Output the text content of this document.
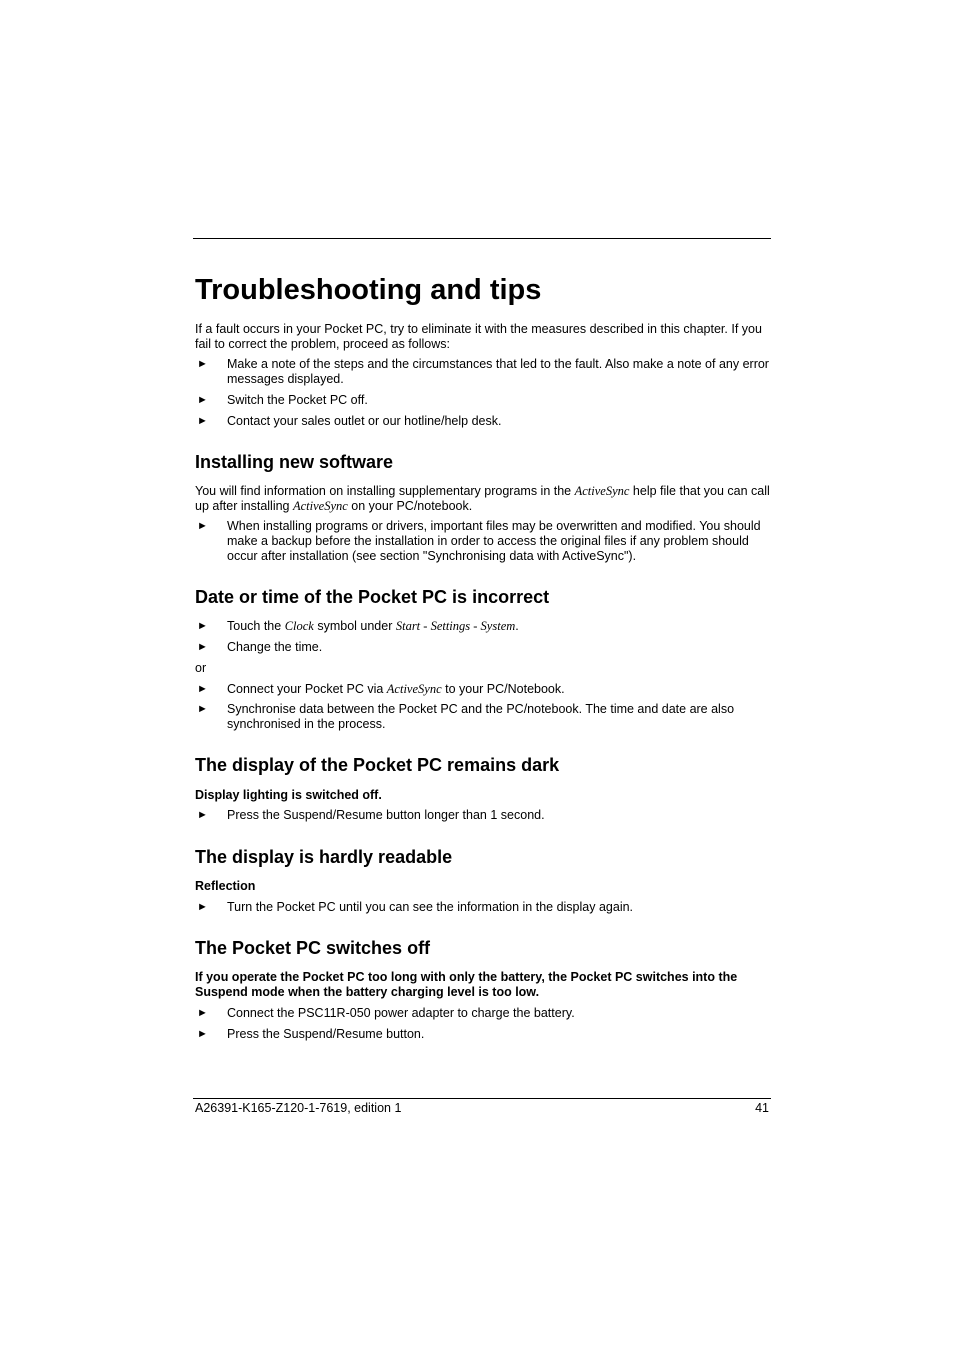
Troubleshooting and tips

If a fault occurs in your Pocket PC, try to eliminate it with the measures described in this chapter. If you fail to correct the problem, proceed as follows:

► Make a note of the steps and the circumstances that led to the fault. Also make a note of any error messages displayed.
► Switch the Pocket PC off.
► Contact your sales outlet or our hotline/help desk.
Installing new software

You will find information on installing supplementary programs in the ActiveSync help file that you can call up after installing ActiveSync on your PC/notebook.

► When installing programs or drivers, important files may be overwritten and modified. You should make a backup before the installation in order to access the original files if any problem should occur after installation (see section "Synchronising data with ActiveSync").
Date or time of the Pocket PC is incorrect
► Touch the Clock symbol under Start - Settings - System.
► Change the time.

or

► Connect your Pocket PC via ActiveSync to your PC/Notebook.
► Synchronise data between the Pocket PC and the PC/notebook. The time and date are also synchronised in the process.
The display of the Pocket PC remains dark

Display lighting is switched off.

► Press the Suspend/Resume button longer than 1 second.
The display is hardly readable

Reflection

► Turn the Pocket PC until you can see the information in the display again.
The Pocket PC switches off

If you operate the Pocket PC too long with only the battery, the Pocket PC switches into the Suspend mode when the battery charging level is too low.

► Connect the PSC11R-050 power adapter to charge the battery.
► Press the Suspend/Resume button.
A26391-K165-Z120-1-7619, edition 1	41
